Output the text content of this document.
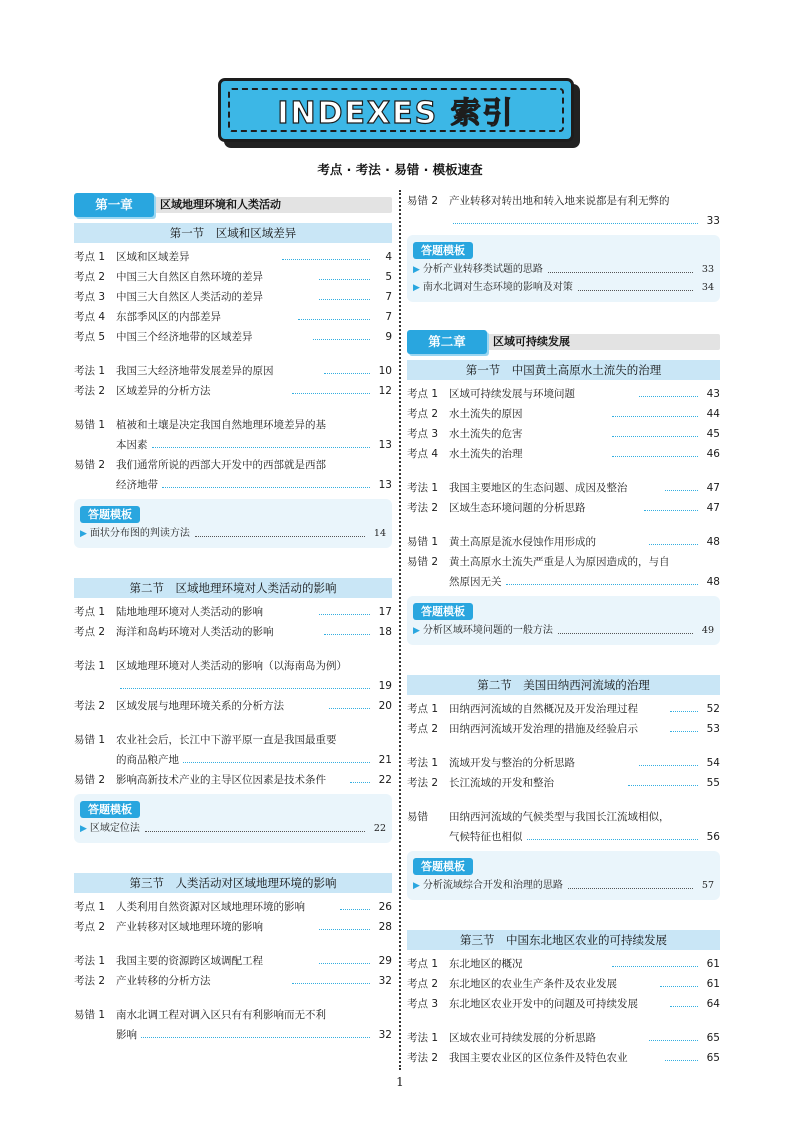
INDEXES 索引
考点 · 考法 · 易错 · 模板速查
第一章	区域地理环境和人类活动
第一节　区域和区域差异
考点 1	区域和区域差异	4
考点 2	中国三大自然区自然环境的差异	5
考点 3	中国三大自然区人类活动的差异	7
考点 4	东部季风区的内部差异	7
考点 5	中国三个经济地带的区域差异	9
考法 1	我国三大经济地带发展差异的原因	10
考法 2	区域差异的分析方法	12
易错 1	植被和土壤是决定我国自然地理环境差异的基
本因素	13
易错 2	我们通常所说的西部大开发中的西部就是西部
经济地带	13
答题模板
▶ 面状分布图的判读方法	14
第二节　区域地理环境对人类活动的影响
考点 1	陆地地理环境对人类活动的影响	17
考点 2	海洋和岛屿环境对人类活动的影响	18
考法 1	区域地理环境对人类活动的影响（以海南岛为例）
19
考法 2	区域发展与地理环境关系的分析方法	20
易错 1	农业社会后，长江中下游平原一直是我国最重要
的商品粮产地	21
易错 2	影响高新技术产业的主导区位因素是技术条件	22
答题模板
▶ 区域定位法	22
第三节　人类活动对区域地理环境的影响
考点 1	人类利用自然资源对区域地理环境的影响	26
考点 2	产业转移对区域地理环境的影响	28
考法 1	我国主要的资源跨区域调配工程	29
考法 2	产业转移的分析方法	32
易错 1	南水北调工程对调入区只有有利影响而无不利
影响	32
易错 2	产业转移对转出地和转入地来说都是有利无弊的
33
答题模板
▶ 分析产业转移类试题的思路	33
▶ 南水北调对生态环境的影响及对策	34
第二章	区域可持续发展
第一节　中国黄土高原水土流失的治理
考点 1	区域可持续发展与环境问题	43
考点 2	水土流失的原因	44
考点 3	水土流失的危害	45
考点 4	水土流失的治理	46
考法 1	我国主要地区的生态问题、成因及整治	47
考法 2	区域生态环境问题的分析思路	47
易错 1	黄土高原是流水侵蚀作用形成的	48
易错 2	黄土高原水土流失严重是人为原因造成的，与自
然原因无关	48
答题模板
▶ 分析区域环境问题的一般方法	49
第二节　美国田纳西河流域的治理
考点 1	田纳西河流域的自然概况及开发治理过程	52
考点 2	田纳西河流域开发治理的措施及经验启示	53
考法 1	流域开发与整治的分析思路	54
考法 2	长江流域的开发和整治	55
易错	田纳西河流域的气候类型与我国长江流域相似，
气候特征也相似	56
答题模板
▶ 分析流域综合开发和治理的思路	57
第三节　中国东北地区农业的可持续发展
考点 1	东北地区的概况	61
考点 2	东北地区的农业生产条件及农业发展	61
考点 3	东北地区农业开发中的问题及可持续发展	64
考法 1	区域农业可持续发展的分析思路	65
考法 2	我国主要农业区的区位条件及特色农业	65
1
